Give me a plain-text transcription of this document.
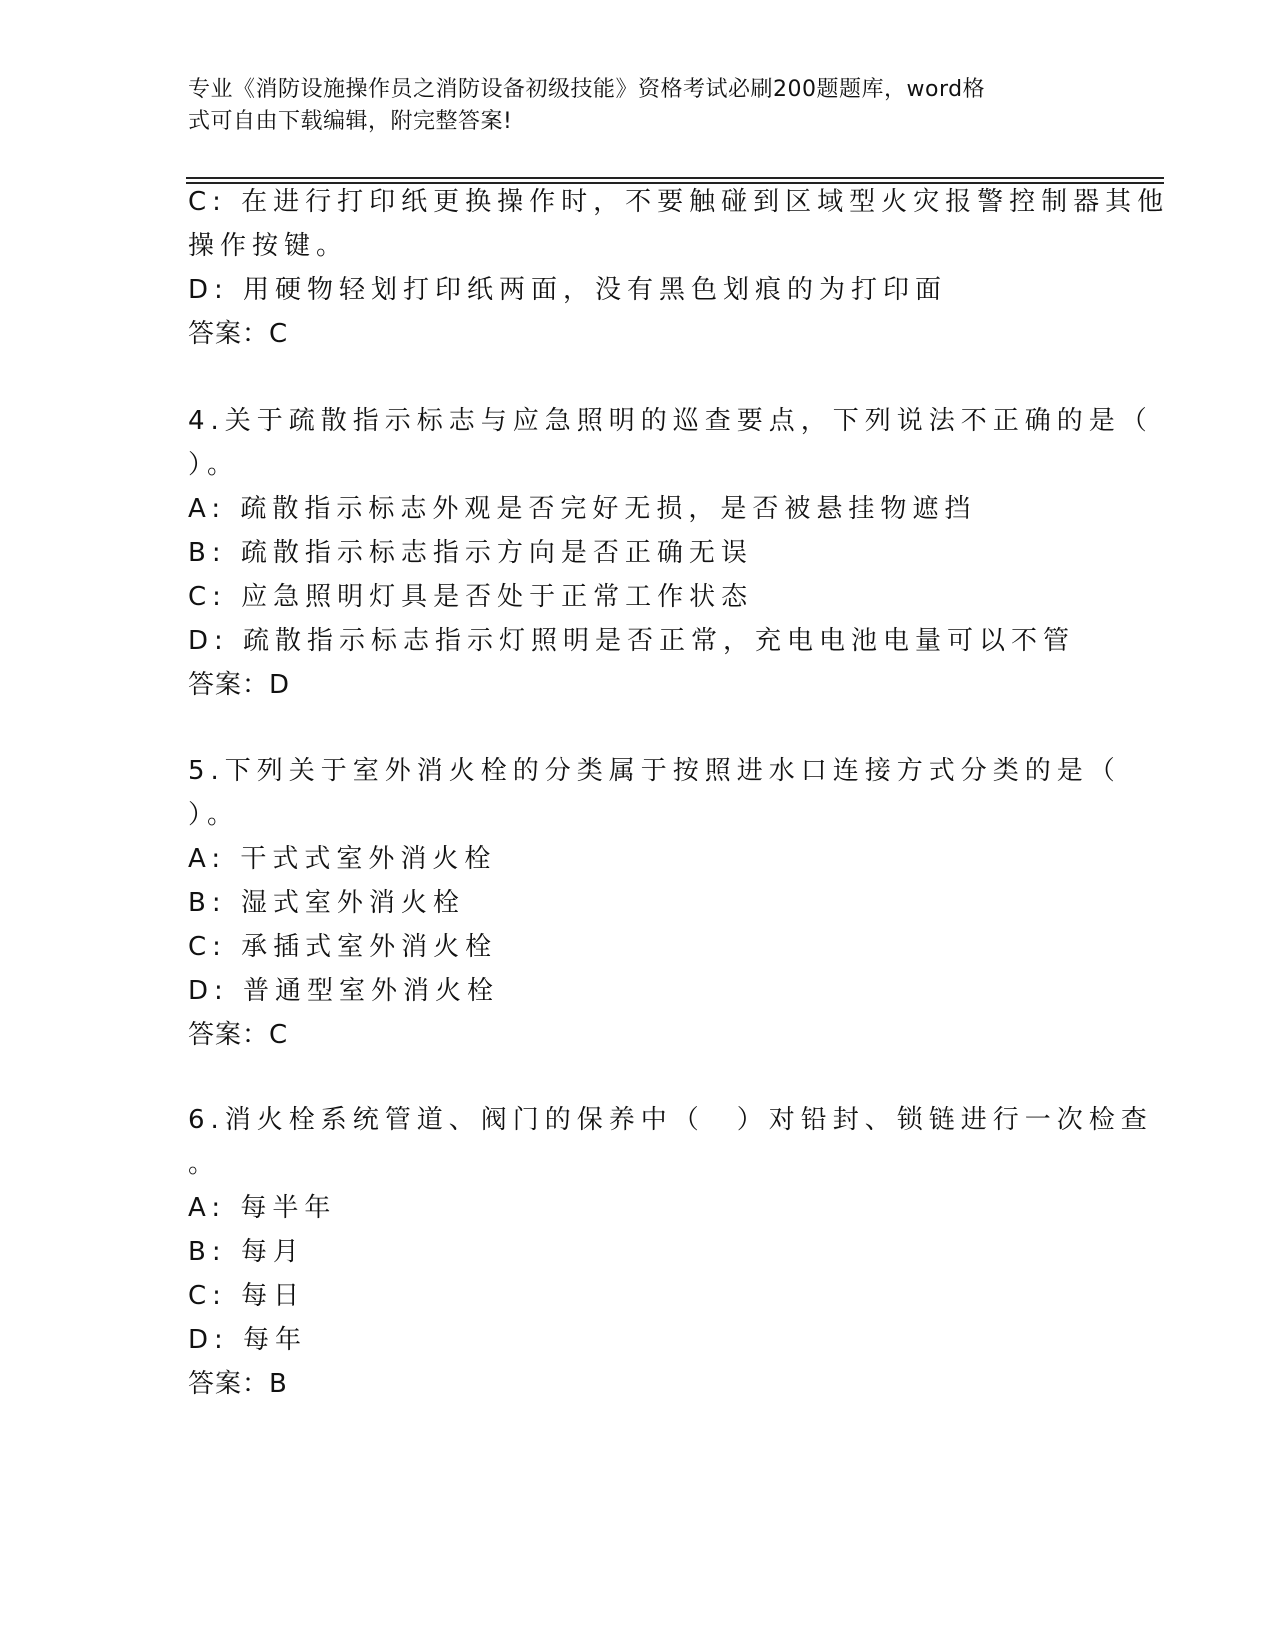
专业《消防设施操作员之消防设备初级技能》资格考试必刷200题题库，word格
式可自由下载编辑，附完整答案!
C: 在进行打印纸更换操作时，不要触碰到区域型火灾报警控制器其他
操作按键。
D: 用硬物轻划打印纸两面，没有黑色划痕的为打印面
答案：C
4.关于疏散指示标志与应急照明的巡查要点，下列说法不正确的是（
）。
A: 疏散指示标志外观是否完好无损，是否被悬挂物遮挡
B: 疏散指示标志指示方向是否正确无误
C: 应急照明灯具是否处于正常工作状态
D: 疏散指示标志指示灯照明是否正常，充电电池电量可以不管
答案：D
5.下列关于室外消火栓的分类属于按照进水口连接方式分类的是（
）。
A: 干式式室外消火栓
B: 湿式室外消火栓
C: 承插式室外消火栓
D: 普通型室外消火栓
答案：C
6.消火栓系统管道、阀门的保养中（　）对铅封、锁链进行一次检查
。
A: 每半年
B: 每月
C: 每日
D: 每年
答案：B
